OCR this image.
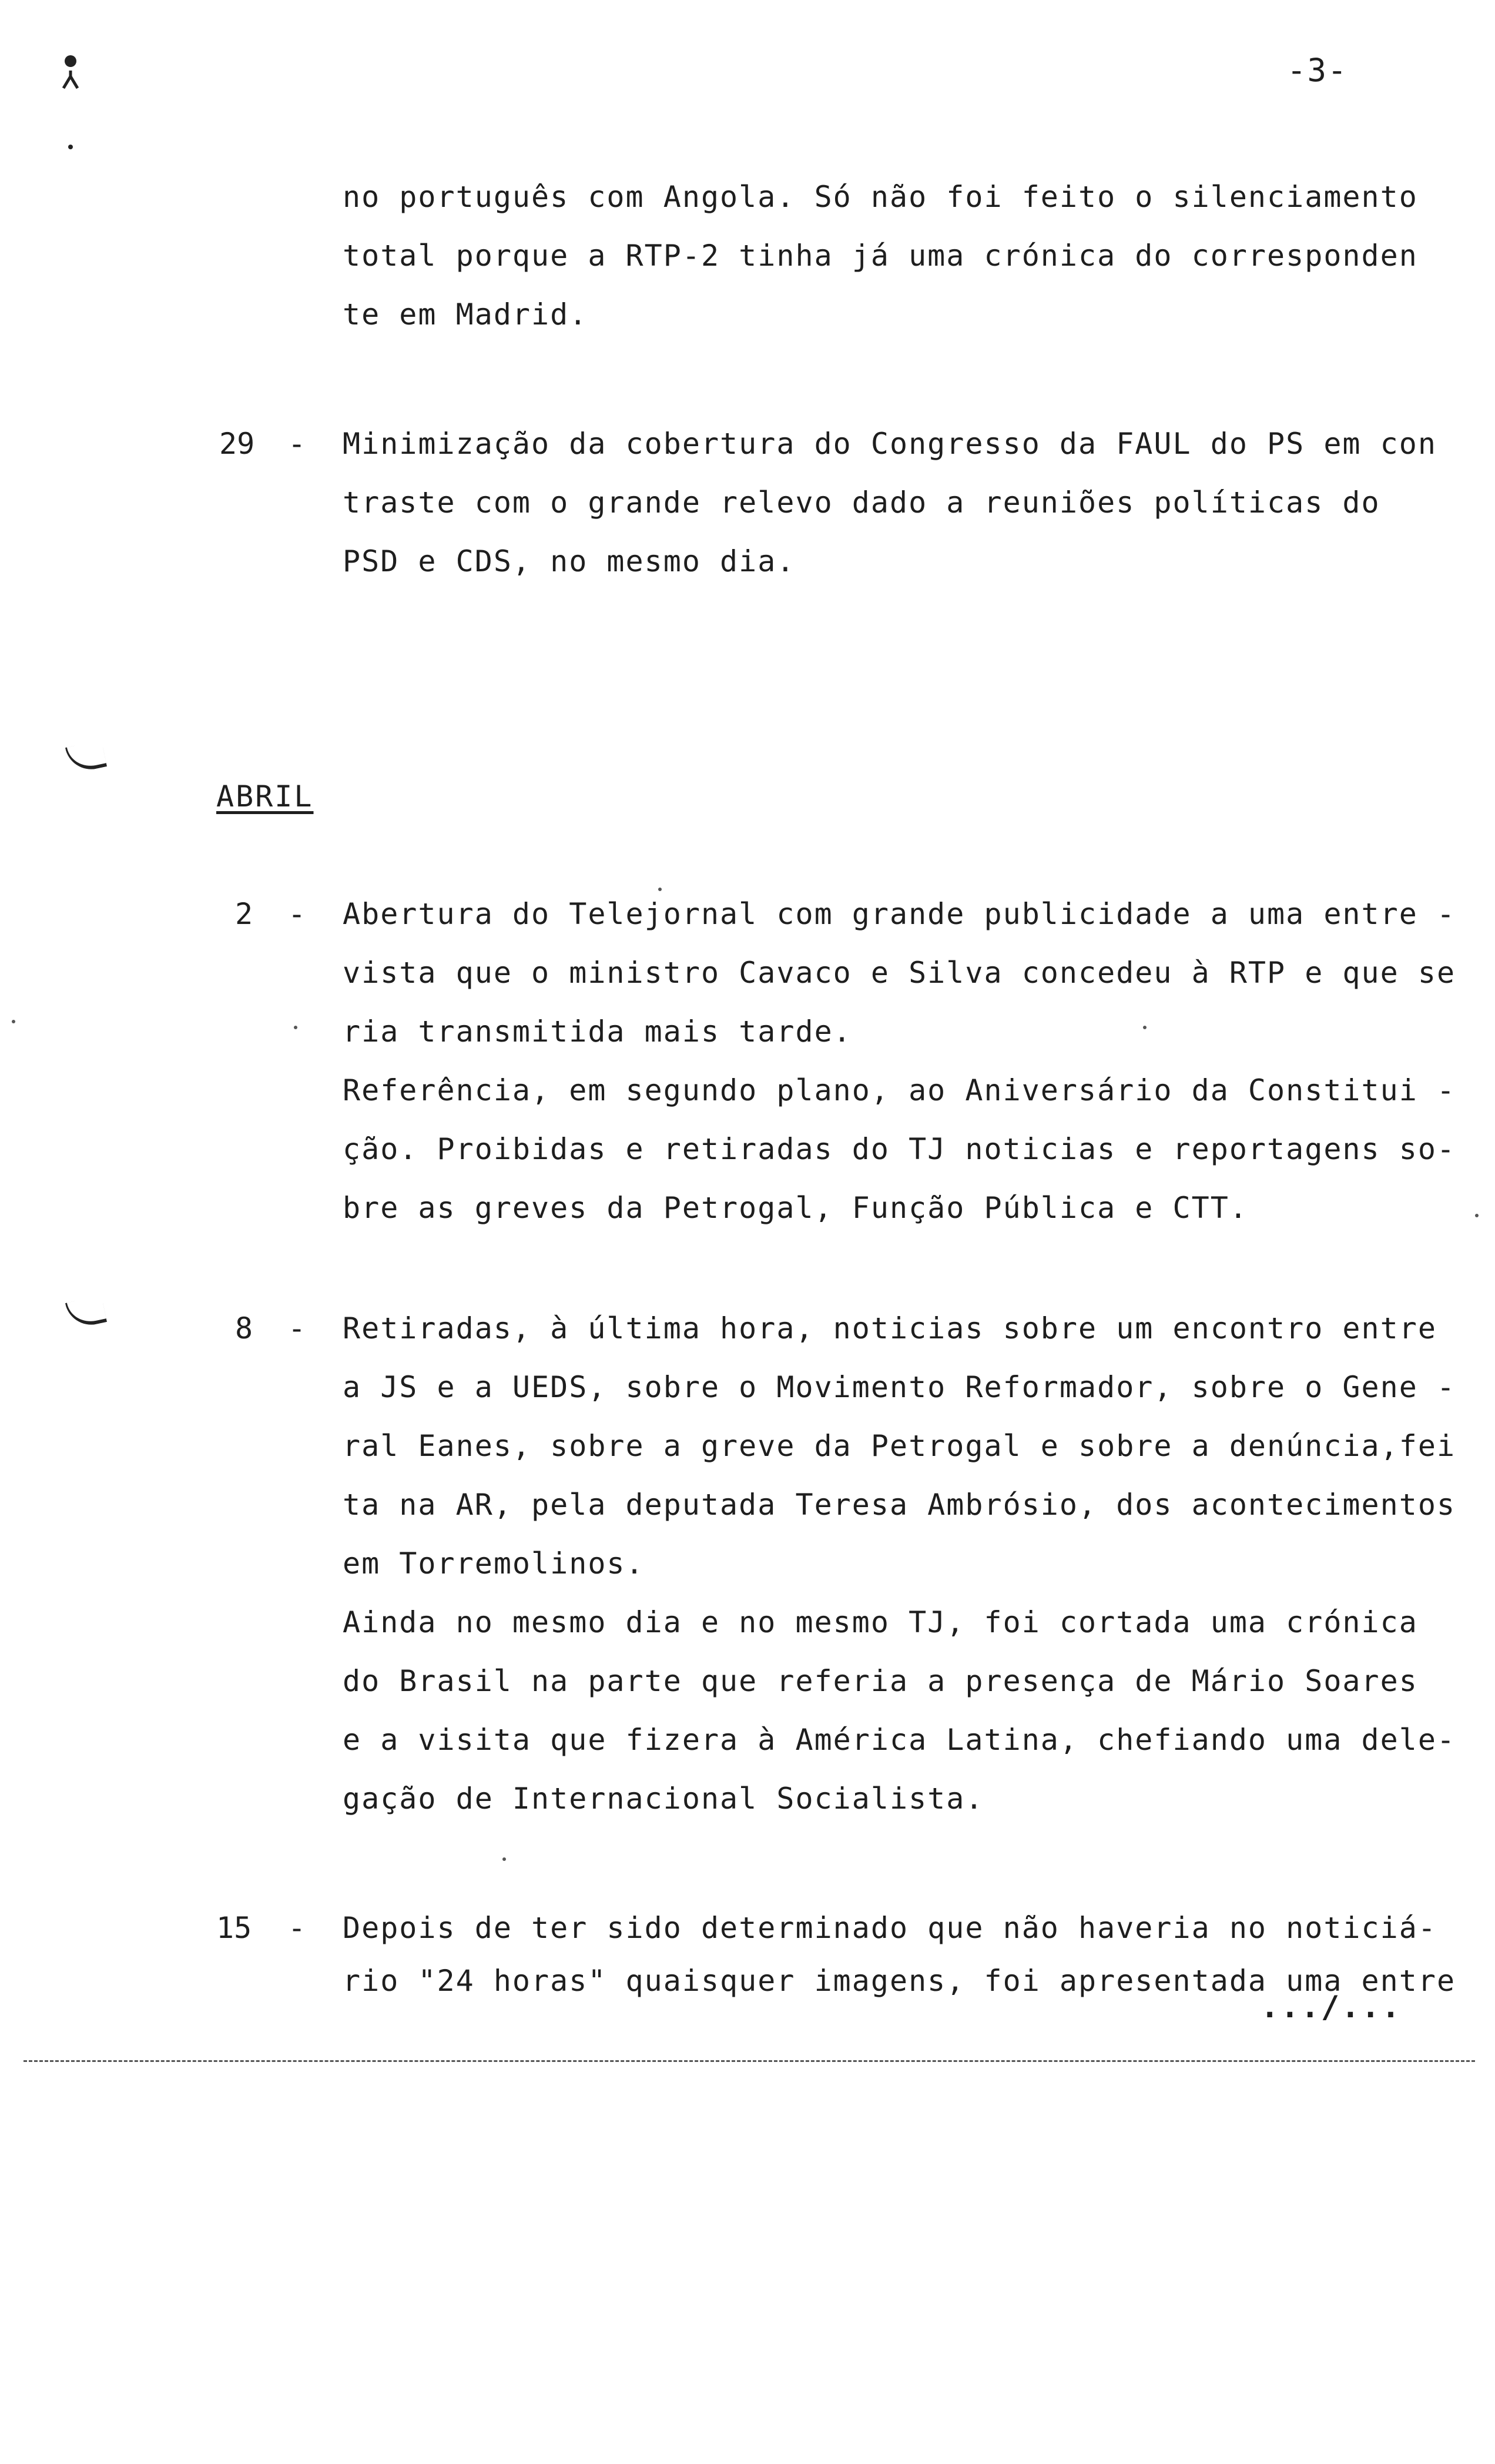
-3-
no português com Angola. Só não foi feito o silenciamento
total porque a RTP-2 tinha já uma crónica do corresponden
te em Madrid.
29 - Minimização da cobertura do Congresso da FAUL do PS em con
traste com o grande relevo dado a reuniões políticas do
PSD e CDS, no mesmo dia.
ABRIL
2 - Abertura do Telejornal com grande publicidade a uma entre -
vista que o ministro Cavaco e Silva concedeu à RTP e que se
ria transmitida mais tarde.
Referência, em segundo plano, ao Aniversário da Constitui -
ção. Proibidas e retiradas do TJ noticias e reportagens so-
bre as greves da Petrogal, Função Pública e CTT.
8 - Retiradas, à última hora, noticias sobre um encontro entre
a JS e a UEDS, sobre o Movimento Reformador, sobre o Gene -
ral Eanes, sobre a greve da Petrogal e sobre a denúncia,fei
ta na AR, pela deputada Teresa Ambrósio, dos acontecimentos
em Torremolinos.
Ainda no mesmo dia e no mesmo TJ, foi cortada uma crónica
do Brasil na parte que referia a presença de Mário Soares
e a visita que fizera à América Latina, chefiando uma dele-
gação de Internacional Socialista.
15 - Depois de ter sido determinado que não haveria no noticiá-
rio "24 horas" quaisquer imagens, foi apresentada uma entre
.../...
